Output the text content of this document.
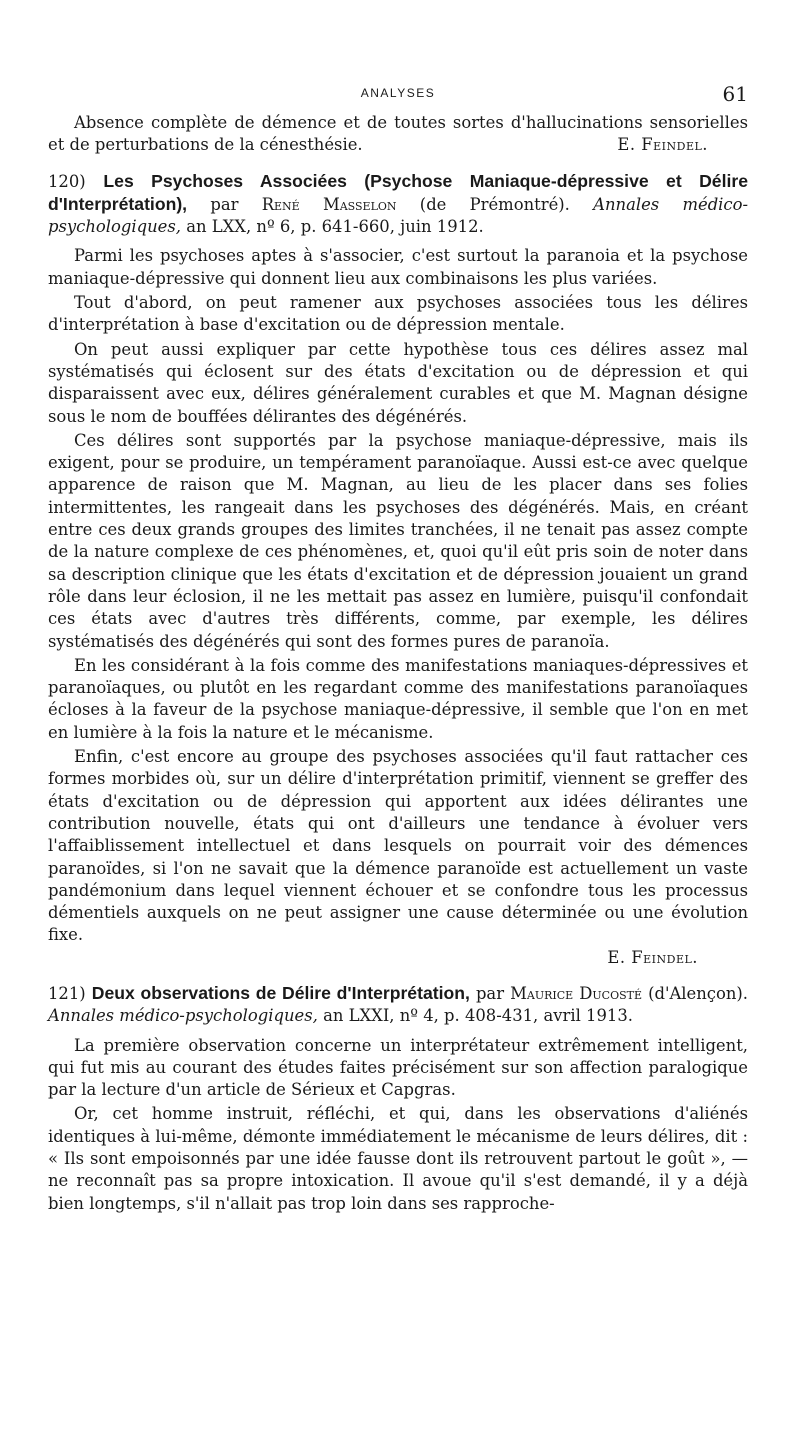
ANALYSES	61

Absence complète de démence et de toutes sortes d'hallucinations sensorielles et de perturbations de la cénesthésie.	E. Feindel.

120) Les Psychoses Associées (Psychose Maniaque-dépressive et Délire d'Interprétation), par René Masselon (de Prémontré). Annales médico-psychologiques, an LXX, nº 6, p. 641-660, juin 1912.

Parmi les psychoses aptes à s'associer, c'est surtout la paranoia et la psychose maniaque-dépressive qui donnent lieu aux combinaisons les plus variées.

Tout d'abord, on peut ramener aux psychoses associées tous les délires d'interprétation à base d'excitation ou de dépression mentale.

On peut aussi expliquer par cette hypothèse tous ces délires assez mal systématisés qui éclosent sur des états d'excitation ou de dépression et qui disparaissent avec eux, délires généralement curables et que M. Magnan désigne sous le nom de bouffées délirantes des dégénérés.

Ces délires sont supportés par la psychose maniaque-dépressive, mais ils exigent, pour se produire, un tempérament paranoïaque. Aussi est-ce avec quelque apparence de raison que M. Magnan, au lieu de les placer dans ses folies intermittentes, les rangeait dans les psychoses des dégénérés. Mais, en créant entre ces deux grands groupes des limites tranchées, il ne tenait pas assez compte de la nature complexe de ces phénomènes, et, quoi qu'il eût pris soin de noter dans sa description clinique que les états d'excitation et de dépression jouaient un grand rôle dans leur éclosion, il ne les mettait pas assez en lumière, puisqu'il confondait ces états avec d'autres très différents, comme, par exemple, les délires systématisés des dégénérés qui sont des formes pures de paranoïa.

En les considérant à la fois comme des manifestations maniaques-dépressives et paranoïaques, ou plutôt en les regardant comme des manifestations paranoïaques écloses à la faveur de la psychose maniaque-dépressive, il semble que l'on en met en lumière à la fois la nature et le mécanisme.

Enfin, c'est encore au groupe des psychoses associées qu'il faut rattacher ces formes morbides où, sur un délire d'interprétation primitif, viennent se greffer des états d'excitation ou de dépression qui apportent aux idées délirantes une contribution nouvelle, états qui ont d'ailleurs une tendance à évoluer vers l'affaiblissement intellectuel et dans lesquels on pourrait voir des démences paranoïdes, si l'on ne savait que la démence paranoïde est actuellement un vaste pandémonium dans lequel viennent échouer et se confondre tous les processus démentiels auxquels on ne peut assigner une cause déterminée ou une évolution fixe.

E. Feindel.

121) Deux observations de Délire d'Interprétation, par Maurice Ducosté (d'Alençon). Annales médico-psychologiques, an LXXI, nº 4, p. 408-431, avril 1913.

La première observation concerne un interprétateur extrêmement intelligent, qui fut mis au courant des études faites précisément sur son affection paralogique par la lecture d'un article de Sérieux et Capgras.

Or, cet homme instruit, réfléchi, et qui, dans les observations d'aliénés identiques à lui-même, démonte immédiatement le mécanisme de leurs délires, dit : « Ils sont empoisonnés par une idée fausse dont ils retrouvent partout le goût », — ne reconnaît pas sa propre intoxication. Il avoue qu'il s'est demandé, il y a déjà bien longtemps, s'il n'allait pas trop loin dans ses rapproche-
